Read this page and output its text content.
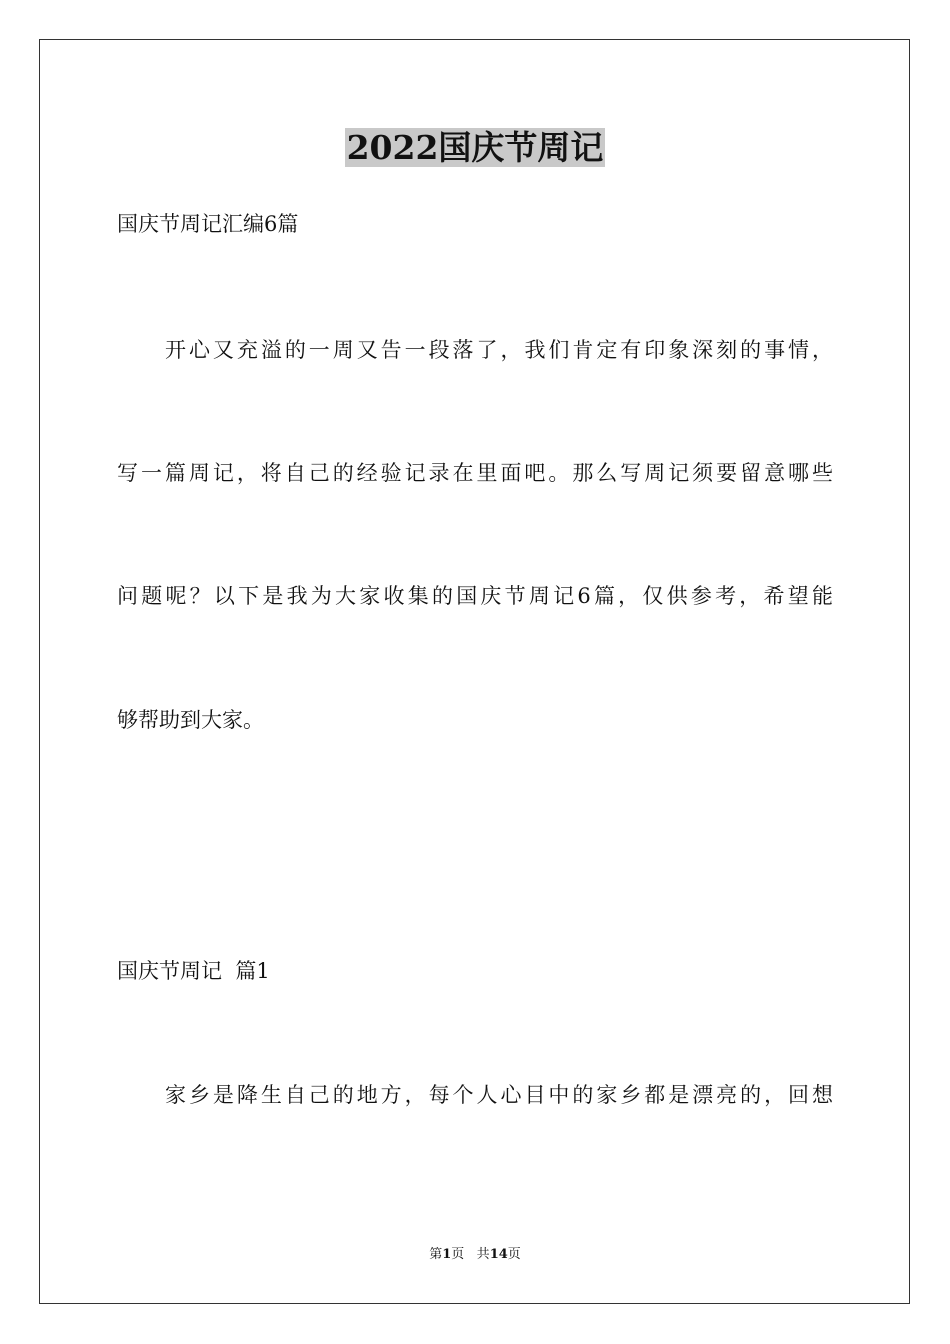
2022国庆节周记
国庆节周记汇编6篇
开心又充溢的一周又告一段落了，我们肯定有印象深刻的事情，
写一篇周记，将自己的经验记录在里面吧。那么写周记须要留意哪些
问题呢？以下是我为大家收集的国庆节周记6篇，仅供参考，希望能
够帮助到大家。
国庆节周记  篇1
家乡是降生自己的地方，每个人心目中的家乡都是漂亮的，回想
第1页 共14页
